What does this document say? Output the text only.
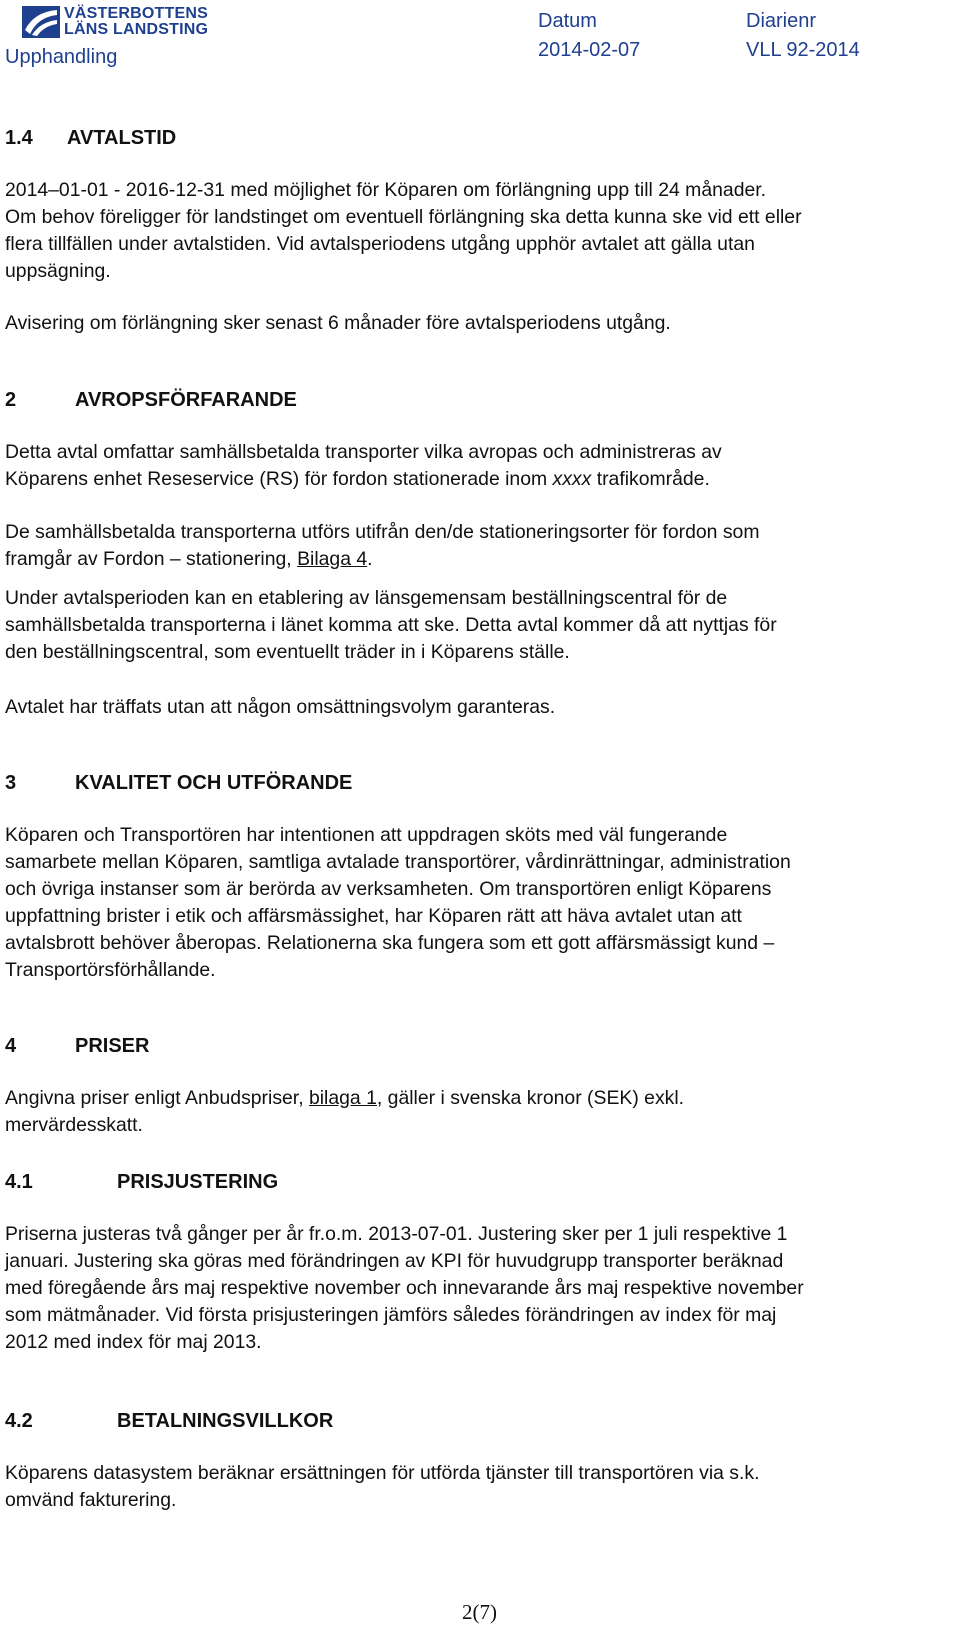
VÄSTERBOTTENS
LÄNS LANDSTING
Upphandling
Datum
2014-02-07
Diarienr
VLL 92-2014
1.4 AVTALSTID

2014–01-01 - 2016-12-31 med möjlighet för Köparen om förlängning upp till 24 månader.

Om behov föreligger för landstinget om eventuell förlängning ska detta kunna ske vid ett eller

flera tillfällen under avtalstiden. Vid avtalsperiodens utgång upphör avtalet att gälla utan

uppsägning.

Avisering om förlängning sker senast 6 månader före avtalsperiodens utgång.
2	AVROPSFÖRFARANDE

Detta avtal omfattar samhällsbetalda transporter vilka avropas och administreras av

Köparens enhet Reseservice (RS) för fordon stationerade inom xxxx trafikområde.

De samhällsbetalda transporterna utförs utifrån den/de stationeringsorter för fordon som

framgår av Fordon – stationering, Bilaga 4.

Under avtalsperioden kan en etablering av länsgemensam beställningscentral för de

samhällsbetalda transporterna i länet komma att ske. Detta avtal kommer då att nyttjas för

den beställningscentral, som eventuellt träder in i Köparens ställe.

Avtalet har träffats utan att någon omsättningsvolym garanteras.
3	KVALITET OCH UTFÖRANDE

Köparen och Transportören har intentionen att uppdragen sköts med väl fungerande

samarbete mellan Köparen, samtliga avtalade transportörer, vårdinrättningar, administration

och övriga instanser som är berörda av verksamheten. Om transportören enligt Köparens

uppfattning brister i etik och affärsmässighet, har Köparen rätt att häva avtalet utan att

avtalsbrott behöver åberopas. Relationerna ska fungera som ett gott affärsmässigt kund –

Transportörsförhållande.

4	PRISER

Angivna priser enligt Anbudspriser, bilaga 1, gäller i svenska kronor (SEK) exkl.

mervärdesskatt.

4.1	PRISJUSTERING

Priserna justeras två gånger per år fr.o.m. 2013-07-01. Justering sker per 1 juli respektive 1

januari. Justering ska göras med förändringen av KPI för huvudgrupp transporter beräknad

med föregående års maj respektive november och innevarande års maj respektive november

som mätmånader. Vid första prisjusteringen jämförs således förändringen av index för maj

2012 med index för maj 2013.

4.2	BETALNINGSVILLKOR

Köparens datasystem beräknar ersättningen för utförda tjänster till transportören via s.k.

omvänd fakturering.

2(7)
